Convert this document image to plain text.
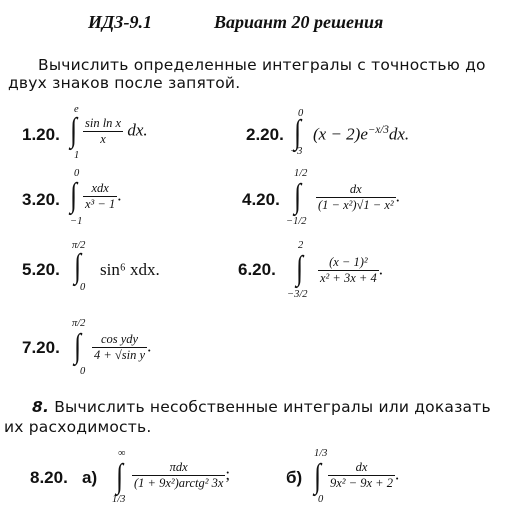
ИДЗ-9.1	Вариант 20 решения
Вычислить определенные интегралы с точностью до
двух знаков после запятой.
1.20.
e
∫
1
$\frac{\text{sin ln x}}{x}$ dx.	2.20.
0
∫
−3
$(x - 2)e^{-x/3}dx$.
3.20.
0
∫
−1
$\frac{\text{xdx}}{\text{x³ − 1}}$ .	4.20.
1/2
∫
−1/2
$\frac{dx}{\text{(1 − x²)√1 − x²}}$ .
5.20.
π/2
∫
0
sin⁶ xdx.	6.20.
2
∫
−3/2
$\frac{\text{(x − 1)²}}{\text{x² + 3x + 4}}$ .
7.20.
π/2
∫
0
$\frac{\text{cos ydy}}{\text{4 + √sin y}}$ .
8. Вычислить несобственные интегралы или доказать
их расходимость.
8.20. а)
∞
∫
1/3
$\frac{\text{πdx}}{\text{(1 + 9x²)arctg² 3x}}$ ;	б)
1/3
∫
0
$\frac{dx}{\text{9x² − 9x + 2}}$ .
